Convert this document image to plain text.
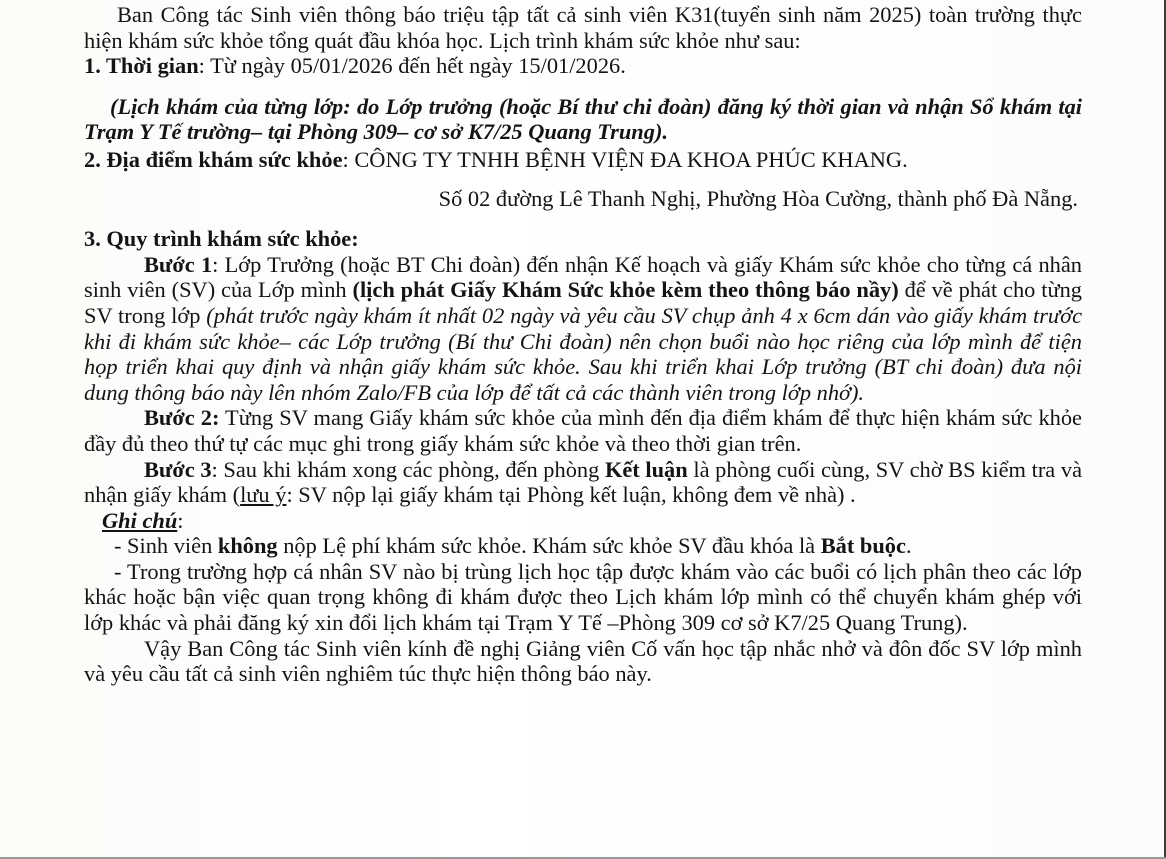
Ban Công tác Sinh viên thông báo triệu tập tất cả sinh viên K31(tuyển sinh năm 2025) toàn trường thực hiện khám sức khỏe tổng quát đầu khóa học. Lịch trình khám sức khỏe như sau:

1. Thời gian: Từ ngày 05/01/2026 đến hết ngày 15/01/2026.

(Lịch khám của từng lớp: do Lớp trưởng (hoặc Bí thư chi đoàn) đăng ký thời gian và nhận Sổ khám tại Trạm Y Tế trường– tại Phòng 309– cơ sở K7/25 Quang Trung).

2. Địa điểm khám sức khỏe: CÔNG TY TNHH BỆNH VIỆN ĐA KHOA PHÚC KHANG.

Số 02 đường Lê Thanh Nghị, Phường Hòa Cường, thành phố Đà Nẵng.

3. Quy trình khám sức khỏe:

Bước 1: Lớp Trưởng (hoặc BT Chi đoàn) đến nhận Kế hoạch và giấy Khám sức khỏe cho từng cá nhân sinh viên (SV) của Lớp mình (lịch phát Giấy Khám Sức khỏe kèm theo thông báo nầy) để về phát cho từng SV trong lớp (phát trước ngày khám ít nhất 02 ngày và yêu cầu SV chụp ảnh 4 x 6cm dán vào giấy khám trước khi đi khám sức khỏe– các Lớp trưởng (Bí thư Chi đoàn) nên chọn buổi nào học riêng của lớp mình để tiện họp triển khai quy định và nhận giấy khám sức khỏe. Sau khi triển khai Lớp trưởng (BT chi đoàn) đưa nội dung thông báo này lên nhóm Zalo/FB của lớp để tất cả các thành viên trong lớp nhớ).

Bước 2: Từng SV mang Giấy khám sức khỏe của mình đến địa điểm khám để thực hiện khám sức khỏe đầy đủ theo thứ tự các mục ghi trong giấy khám sức khỏe và theo thời gian trên.

Bước 3: Sau khi khám xong các phòng, đến phòng Kết luận là phòng cuối cùng, SV chờ BS kiểm tra và nhận giấy khám (lưu ý: SV nộp lại giấy khám tại Phòng kết luận, không đem về nhà) .

Ghi chú:

- Sinh viên không nộp Lệ phí khám sức khỏe. Khám sức khỏe SV đầu khóa là Bắt buộc.

- Trong trường hợp cá nhân SV nào bị trùng lịch học tập được khám vào các buổi có lịch phân theo các lớp khác hoặc bận việc quan trọng không đi khám được theo Lịch khám lớp mình có thể chuyển khám ghép với lớp khác và phải đăng ký xin đổi lịch khám tại Trạm Y Tế –Phòng 309 cơ sở K7/25 Quang Trung).

Vậy Ban Công tác Sinh viên kính đề nghị Giảng viên Cố vấn học tập nhắc nhở và đôn đốc SV lớp mình và yêu cầu tất cả sinh viên nghiêm túc thực hiện thông báo này.
